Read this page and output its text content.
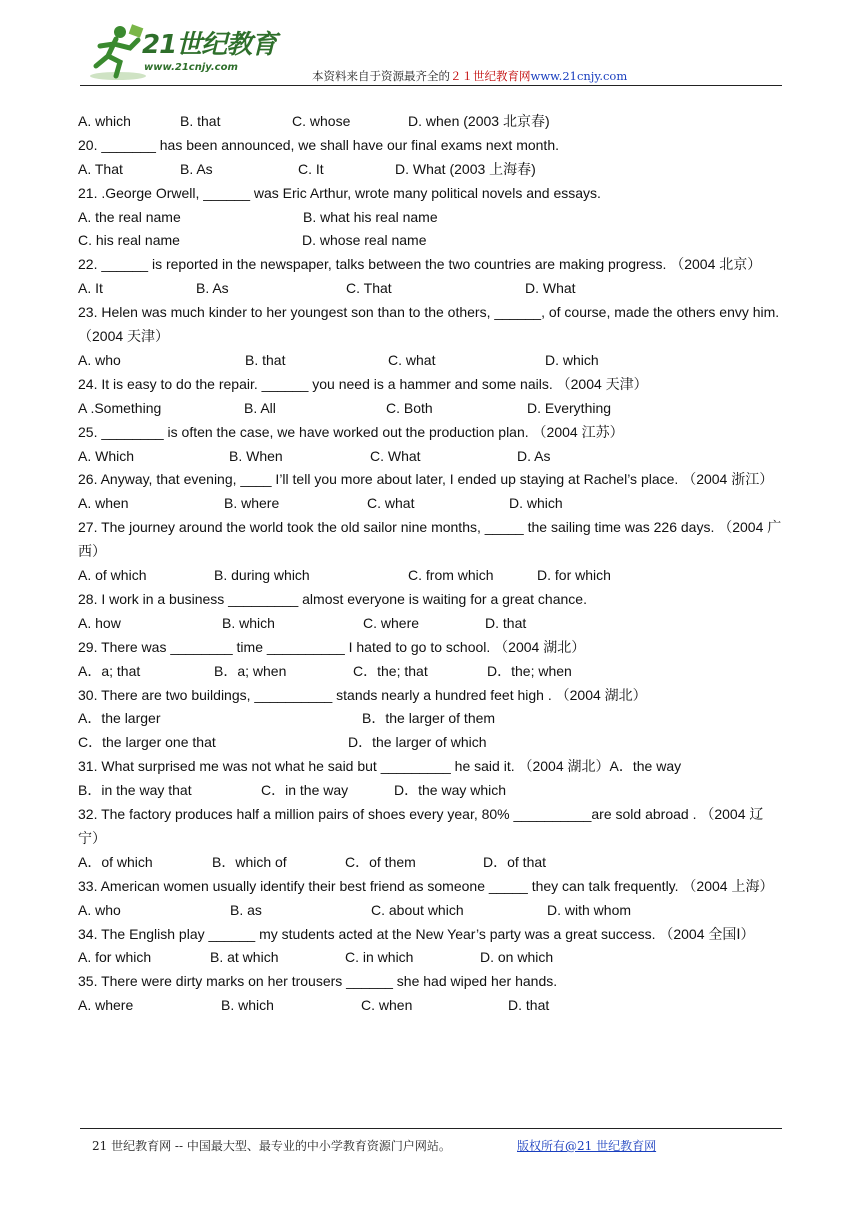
21世纪教育
www.21cnjy.com
本资料来自于资源最齐全的２１世纪教育网www.21cnjy.com
A. which	B. that	C. whose	D. when (2003 北京春)
20. _______ has been announced, we shall have our final exams next month.
A. That	B. As	C. It	D. What (2003 上海春)
21. .George Orwell, ______ was Eric Arthur, wrote many political novels and essays.
A. the real name	B. what his real name
C. his real name	D. whose real name
22. ______ is reported in the newspaper, talks between the two countries are making progress. （2004 北京）
A. It	B. As	C. That	D. What
23. Helen was much kinder to her youngest son than to the others, ______, of course, made the others envy him. （2004 天津）
A. who	B. that	C. what	D. which
24. It is easy to do the repair. ______ you need is a hammer and some nails. （2004 天津）
A .Something	B. All	C. Both	D. Everything
25. ________ is often the case, we have worked out the production plan. （2004 江苏）
A. Which	B. When	C. What	D. As
26. Anyway, that evening, ____ I’ll tell you more about later, I ended up staying at Rachel’s place. （2004 浙江）
A. when	B. where	C. what	D. which
27. The journey around the world took the old sailor nine months, _____ the sailing time was 226 days. （2004 广西）
A. of which	B. during which	C. from which	D. for which
28. I work in a business _________ almost everyone is waiting for a great chance.
A. how	B. which	C. where	D. that
29. There was ________ time __________ I hated to go to school. （2004 湖北）
A．a; that	B．a; when	C．the; that	D．the; when
30. There are two buildings, __________ stands nearly a hundred feet high . （2004 湖北）
A．the larger	B．the larger of them
C．the larger one that	D．the larger of which
31. What surprised me was not what he said but _________ he said it. （2004 湖北）A．the way
B．in the way that	C．in the way	D．the way which
32. The factory produces half a million pairs of shoes every year, 80% __________are sold abroad . （2004 辽宁）
A．of which	B．which of	C．of them	D．of that
33. American women usually identify their best friend as someone _____ they can talk frequently. （2004 上海）
A. who	B. as	C. about which	D. with whom
34. The English play ______ my students acted at the New Year’s party was a great success. （2004 全国Ⅰ）
A. for which	B. at which	C. in which	D. on which
35. There were dirty marks on her trousers ______ she had wiped her hands.
A. where	B. which	C. when	D. that
21 世纪教育网 -- 中国最大型、最专业的中小学教育资源门户网站。	版权所有@21 世纪教育网
